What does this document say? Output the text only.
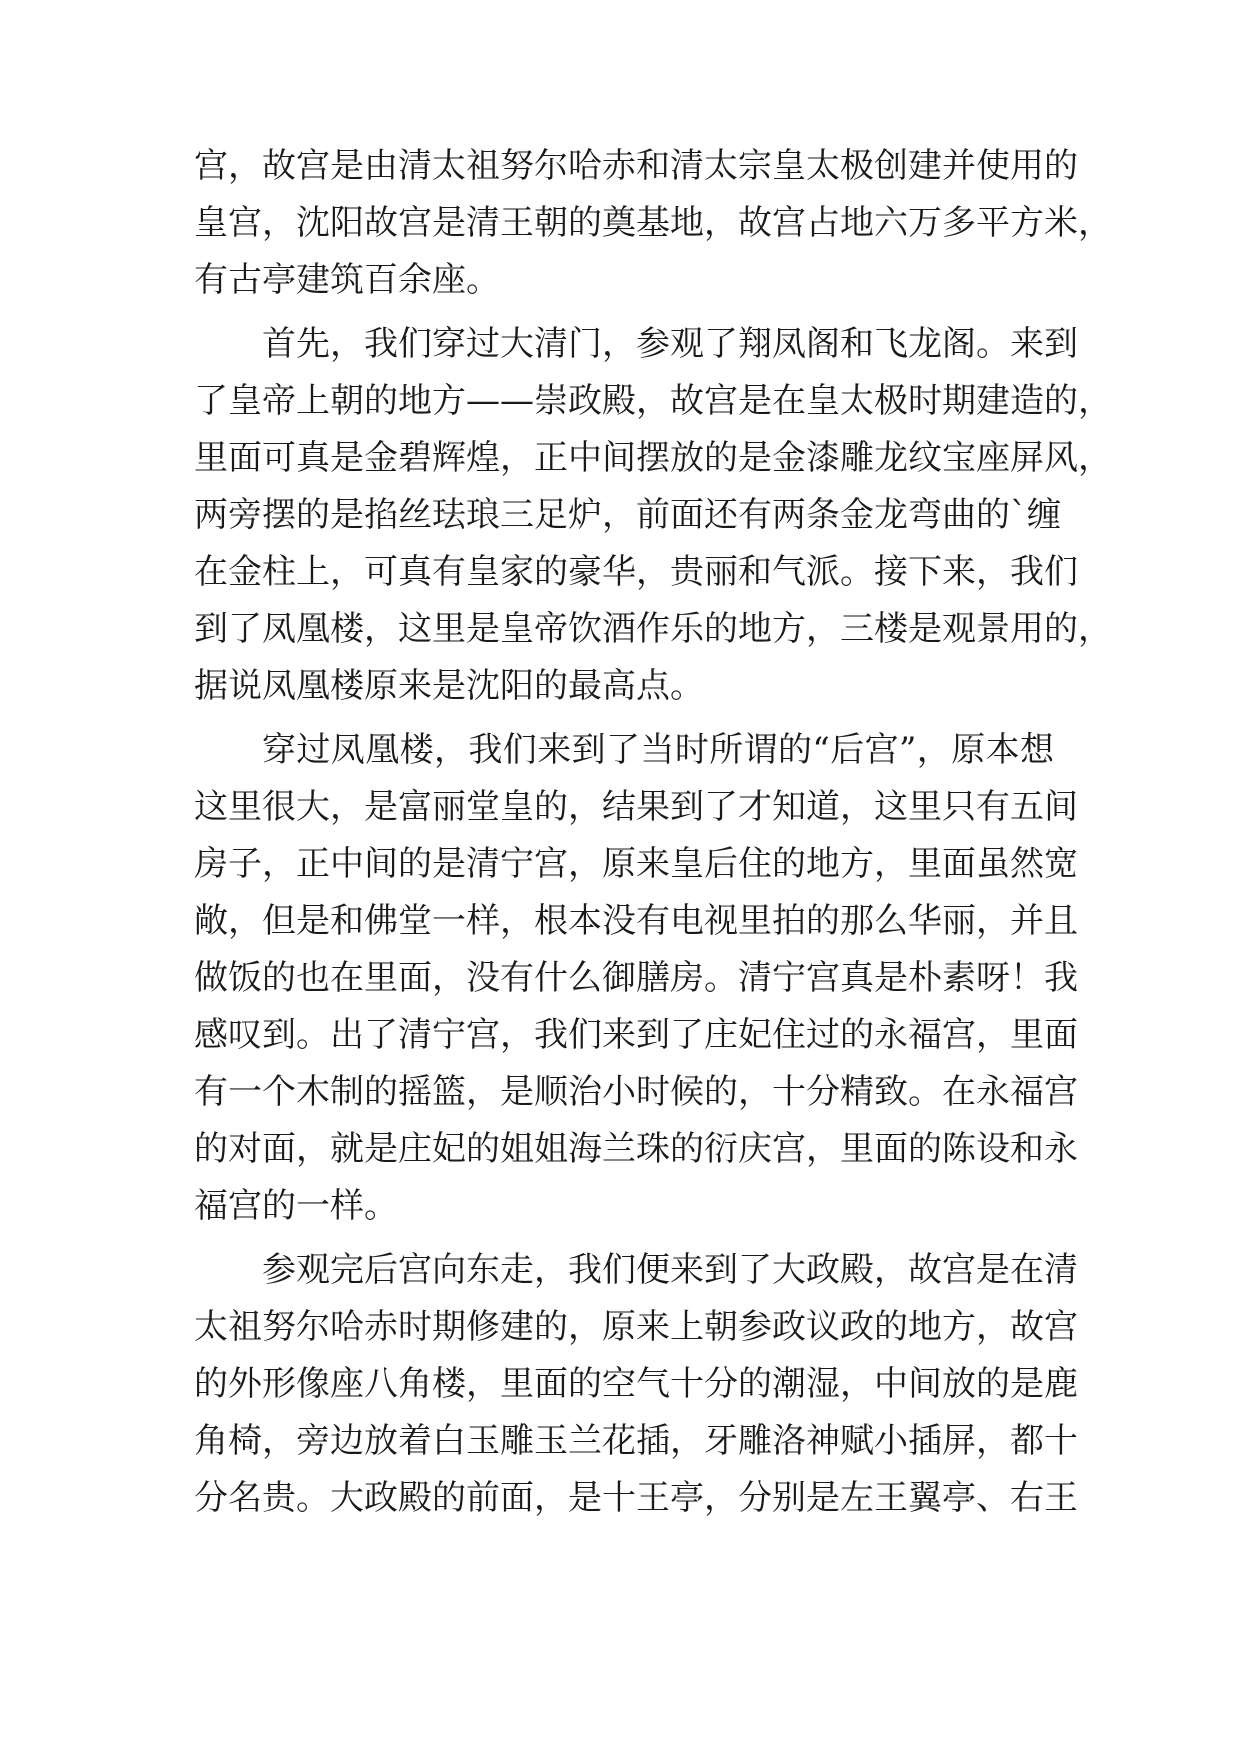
宫，故宫是由清太祖努尔哈赤和清太宗皇太极创建并使用的
皇宫，沈阳故宫是清王朝的奠基地，故宫占地六万多平方米，
有古亭建筑百余座。
首先，我们穿过大清门，参观了翔凤阁和飞龙阁。来到
了皇帝上朝的地方——崇政殿，故宫是在皇太极时期建造的，
里面可真是金碧辉煌，正中间摆放的是金漆雕龙纹宝座屏风，
两旁摆的是掐丝珐琅三足炉，前面还有两条金龙弯曲的`缠
在金柱上，可真有皇家的豪华，贵丽和气派。接下来，我们
到了凤凰楼，这里是皇帝饮酒作乐的地方，三楼是观景用的，
据说凤凰楼原来是沈阳的最高点。
穿过凤凰楼，我们来到了当时所谓的“后宫”，原本想
这里很大，是富丽堂皇的，结果到了才知道，这里只有五间
房子，正中间的是清宁宫，原来皇后住的地方，里面虽然宽
敞，但是和佛堂一样，根本没有电视里拍的那么华丽，并且
做饭的也在里面，没有什么御膳房。清宁宫真是朴素呀！我
感叹到。出了清宁宫，我们来到了庄妃住过的永福宫，里面
有一个木制的摇篮，是顺治小时候的，十分精致。在永福宫
的对面，就是庄妃的姐姐海兰珠的衍庆宫，里面的陈设和永
福宫的一样。
参观完后宫向东走，我们便来到了大政殿，故宫是在清
太祖努尔哈赤时期修建的，原来上朝参政议政的地方，故宫
的外形像座八角楼，里面的空气十分的潮湿，中间放的是鹿
角椅，旁边放着白玉雕玉兰花插，牙雕洛神赋小插屏，都十
分名贵。大政殿的前面，是十王亭，分别是左王翼亭、右王
